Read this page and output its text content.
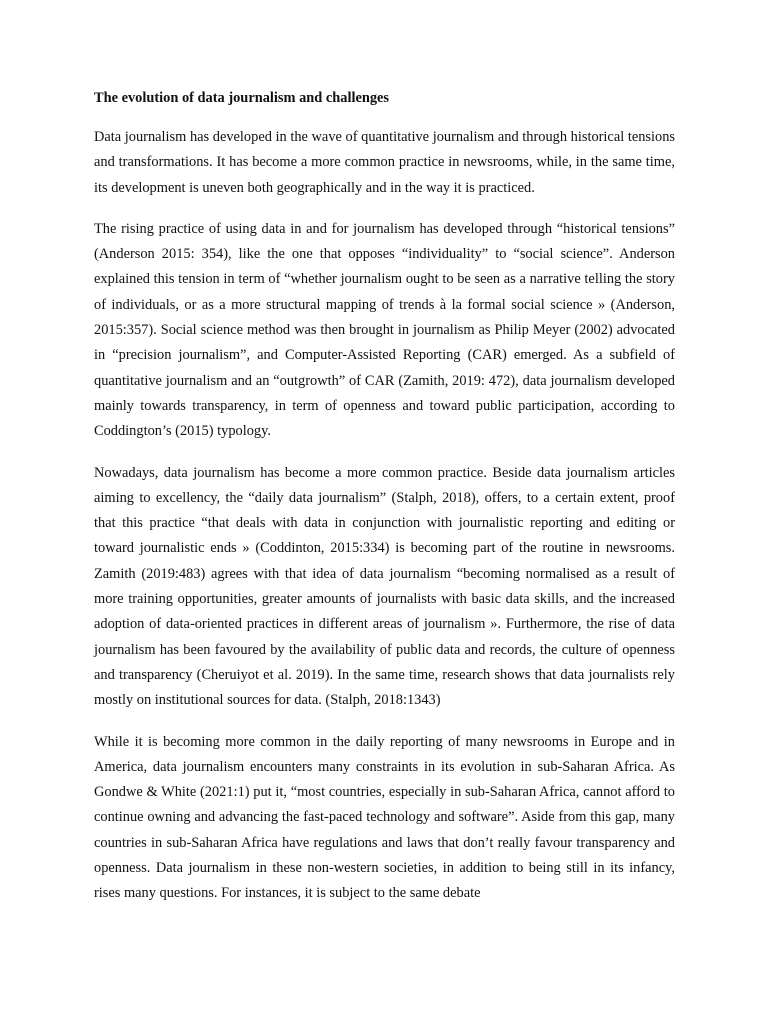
The evolution of data journalism and challenges

Data journalism has developed in the wave of quantitative journalism and through historical tensions and transformations. It has become a more common practice in newsrooms, while, in the same time, its development is uneven both geographically and in the way it is practiced.

The rising practice of using data in and for journalism has developed through “historical tensions” (Anderson 2015: 354), like the one that opposes “individuality” to “social science”. Anderson explained this tension in term of “whether journalism ought to be seen as a narrative telling the story of individuals, or as a more structural mapping of trends à la formal social science » (Anderson, 2015:357). Social science method was then brought in journalism as Philip Meyer (2002) advocated in “precision journalism”, and Computer-Assisted Reporting (CAR) emerged. As a subfield of quantitative journalism and an “outgrowth” of CAR (Zamith, 2019: 472), data journalism developed mainly towards transparency, in term of openness and toward public participation, according to Coddington’s (2015) typology.

Nowadays, data journalism has become a more common practice. Beside data journalism articles aiming to excellency, the “daily data journalism” (Stalph, 2018), offers, to a certain extent, proof that this practice “that deals with data in conjunction with journalistic reporting and editing or toward journalistic ends » (Coddinton, 2015:334) is becoming part of the routine in newsrooms. Zamith (2019:483) agrees with that idea of data journalism “becoming normalised as a result of more training opportunities, greater amounts of journalists with basic data skills, and the increased adoption of data-oriented practices in different areas of journalism ». Furthermore, the rise of data journalism has been favoured by the availability of public data and records, the culture of openness and transparency (Cheruiyot et al. 2019). In the same time, research shows that data journalists rely mostly on institutional sources for data. (Stalph, 2018:1343)

While it is becoming more common in the daily reporting of many newsrooms in Europe and in America, data journalism encounters many constraints in its evolution in sub-Saharan Africa. As Gondwe & White (2021:1) put it, “most countries, especially in sub-Saharan Africa, cannot afford to continue owning and advancing the fast-paced technology and software”. Aside from this gap, many countries in sub-Saharan Africa have regulations and laws that don’t really favour transparency and openness. Data journalism in these non-western societies, in addition to being still in its infancy, rises many questions. For instances, it is subject to the same debate
